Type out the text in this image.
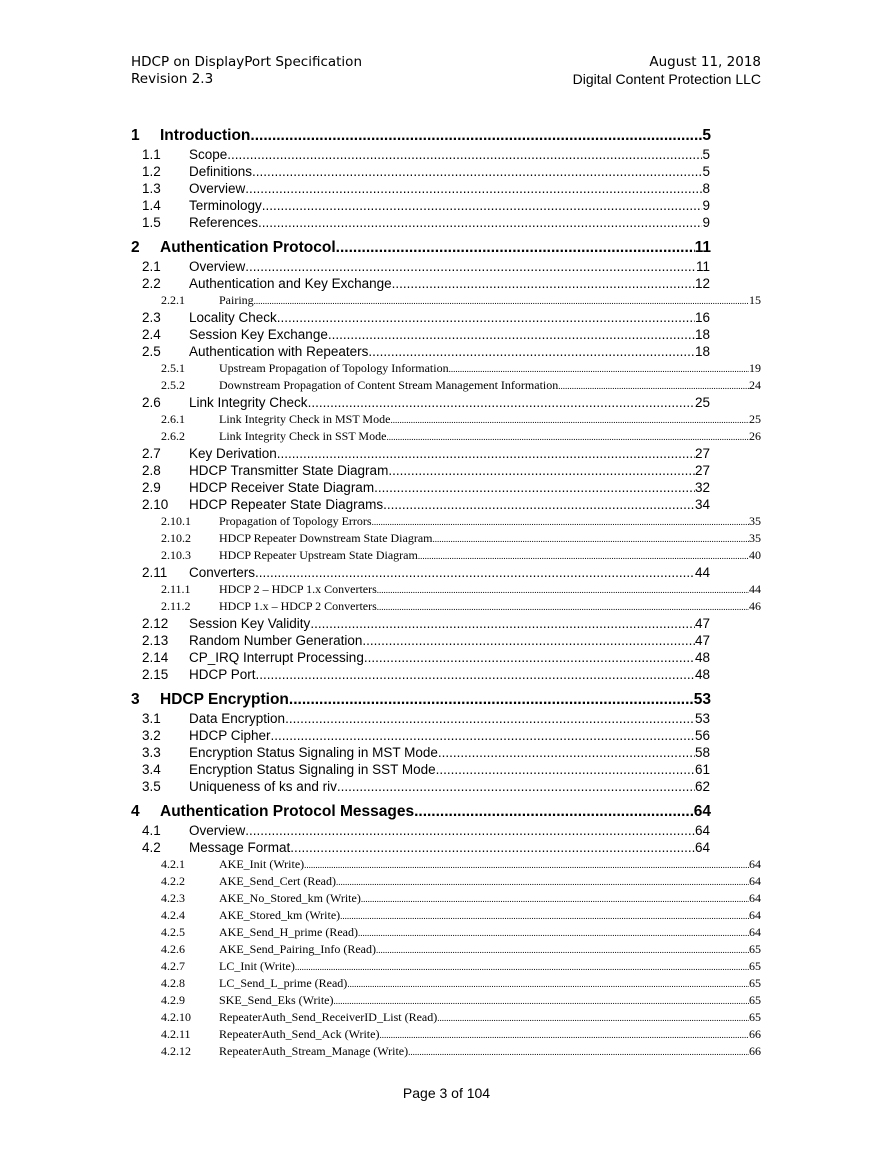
HDCP on DisplayPort Specification
Revision 2.3
August 11, 2018
Digital Content Protection LLC
1 Introduction .....	5
1.1 Scope .....	5
1.2 Definitions .....	5
1.3 Overview .....	8
1.4 Terminology .....	9
1.5 References .....	9
2 Authentication Protocol .....	11
2.1 Overview .....	11
2.2 Authentication and Key Exchange .....	12
2.2.1	Pairing .....	15
2.3 Locality Check .....	16
2.4 Session Key Exchange .....	18
2.5 Authentication with Repeaters .....	18
2.5.1	Upstream Propagation of Topology Information .....	19
2.5.2	Downstream Propagation of Content Stream Management Information .....	24
2.6 Link Integrity Check .....	25
2.6.1	Link Integrity Check in MST Mode .....	25
2.6.2	Link Integrity Check in SST Mode .....	26
2.7 Key Derivation .....	27
2.8 HDCP Transmitter State Diagram .....	27
2.9 HDCP Receiver State Diagram .....	32
2.10 HDCP Repeater State Diagrams .....	34
2.10.1 Propagation of Topology Errors .....	35
2.10.2 HDCP Repeater Downstream State Diagram .....	35
2.10.3 HDCP Repeater Upstream State Diagram .....	40
2.11 Converters .....	44
2.11.1 HDCP 2 – HDCP 1.x Converters .....	44
2.11.2 HDCP 1.x – HDCP 2 Converters .....	46
2.12 Session Key Validity .....	47
2.13 Random Number Generation .....	47
2.14 CP_IRQ Interrupt Processing .....	48
2.15 HDCP Port .....	48
3 HDCP Encryption .....	53
3.1 Data Encryption .....	53
3.2 HDCP Cipher .....	56
3.3 Encryption Status Signaling in MST Mode .....	58
3.4 Encryption Status Signaling in SST Mode .....	61
3.5 Uniqueness of ks and riv .....	62
4 Authentication Protocol Messages .....	64
4.1 Overview .....	64
4.2 Message Format .....	64
4.2.1	AKE_Init (Write) .....	64
4.2.2	AKE_Send_Cert (Read) .....	64
4.2.3	AKE_No_Stored_km (Write) .....	64
4.2.4	AKE_Stored_km (Write) .....	64
4.2.5	AKE_Send_H_prime (Read) .....	64
4.2.6	AKE_Send_Pairing_Info (Read) .....	65
4.2.7	LC_Init (Write) .....	65
4.2.8	LC_Send_L_prime (Read) .....	65
4.2.9	SKE_Send_Eks (Write) .....	65
4.2.10 RepeaterAuth_Send_ReceiverID_List (Read) .....	65
4.2.11 RepeaterAuth_Send_Ack (Write) .....	66
4.2.12 RepeaterAuth_Stream_Manage (Write) .....	66
Page 3 of 104
